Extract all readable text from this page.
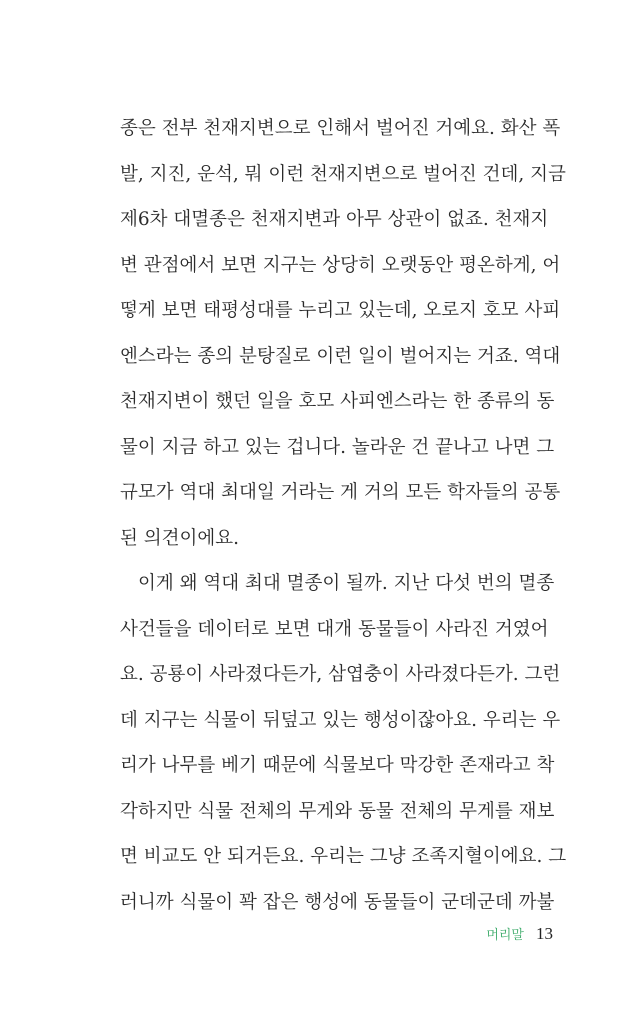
종은 전부 천재지변으로 인해서 벌어진 거예요. 화산 폭
발, 지진, 운석, 뭐 이런 천재지변으로 벌어진 건데, 지금
제6차 대멸종은 천재지변과 아무 상관이 없죠. 천재지
변 관점에서 보면 지구는 상당히 오랫동안 평온하게, 어
떻게 보면 태평성대를 누리고 있는데, 오로지 호모 사피
엔스라는 종의 분탕질로 이런 일이 벌어지는 거죠. 역대
천재지변이 했던 일을 호모 사피엔스라는 한 종류의 동
물이 지금 하고 있는 겁니다. 놀라운 건 끝나고 나면 그
규모가 역대 최대일 거라는 게 거의 모든 학자들의 공통
된 의견이에요.
이게 왜 역대 최대 멸종이 될까. 지난 다섯 번의 멸종
사건들을 데이터로 보면 대개 동물들이 사라진 거였어
요. 공룡이 사라졌다든가, 삼엽충이 사라졌다든가. 그런
데 지구는 식물이 뒤덮고 있는 행성이잖아요. 우리는 우
리가 나무를 베기 때문에 식물보다 막강한 존재라고 착
각하지만 식물 전체의 무게와 동물 전체의 무게를 재보
면 비교도 안 되거든요. 우리는 그냥 조족지혈이에요. 그
러니까 식물이 꽉 잡은 행성에 동물들이 군데군데 까불
머리말 13
